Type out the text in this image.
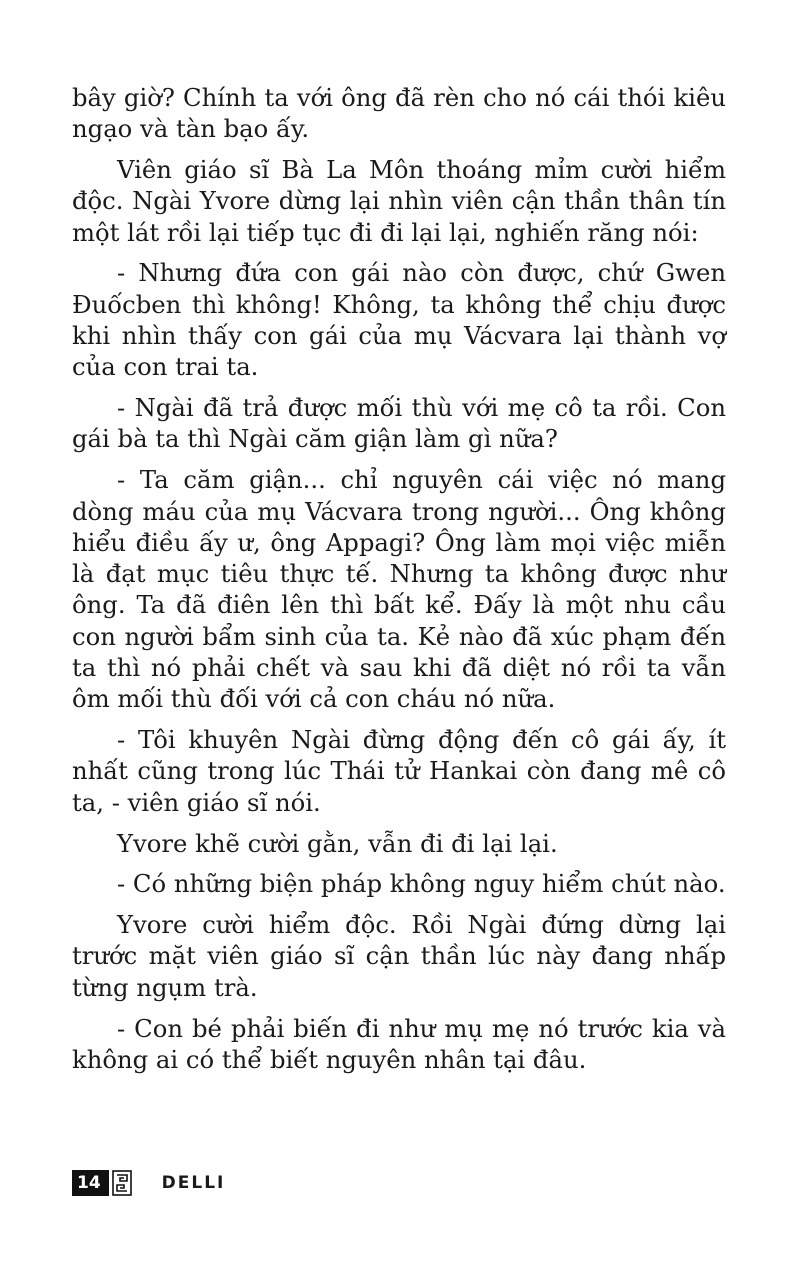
bây giờ? Chính ta với ông đã rèn cho nó cái thói kiêu ngạo và tàn bạo ấy.

Viên giáo sĩ Bà La Môn thoáng mỉm cười hiểm độc. Ngài Yvore dừng lại nhìn viên cận thần thân tín một lát rồi lại tiếp tục đi đi lại lại, nghiến răng nói:

- Nhưng đứa con gái nào còn được, chứ Gwen Đuốcben thì không! Không, ta không thể chịu được khi nhìn thấy con gái của mụ Vácvara lại thành vợ của con trai ta.

- Ngài đã trả được mối thù với mẹ cô ta rồi. Con gái bà ta thì Ngài căm giận làm gì nữa?

- Ta căm giận... chỉ nguyên cái việc nó mang dòng máu của mụ Vácvara trong người... Ông không hiểu điều ấy ư, ông Appagi? Ông làm mọi việc miễn là đạt mục tiêu thực tế. Nhưng ta không được như ông. Ta đã điên lên thì bất kể. Đấy là một nhu cầu con người bẩm sinh của ta. Kẻ nào đã xúc phạm đến ta thì nó phải chết và sau khi đã diệt nó rồi ta vẫn ôm mối thù đối với cả con cháu nó nữa.

- Tôi khuyên Ngài đừng động đến cô gái ấy, ít nhất cũng trong lúc Thái tử Hankai còn đang mê cô ta, - viên giáo sĩ nói.

Yvore khẽ cười gằn, vẫn đi đi lại lại.

- Có những biện pháp không nguy hiểm chút nào.

Yvore cười hiểm độc. Rồi Ngài đứng dừng lại trước mặt viên giáo sĩ cận thần lúc này đang nhấp từng ngụm trà.

- Con bé phải biến đi như mụ mẹ nó trước kia và không ai có thể biết nguyên nhân tại đâu.

14	DELLI
